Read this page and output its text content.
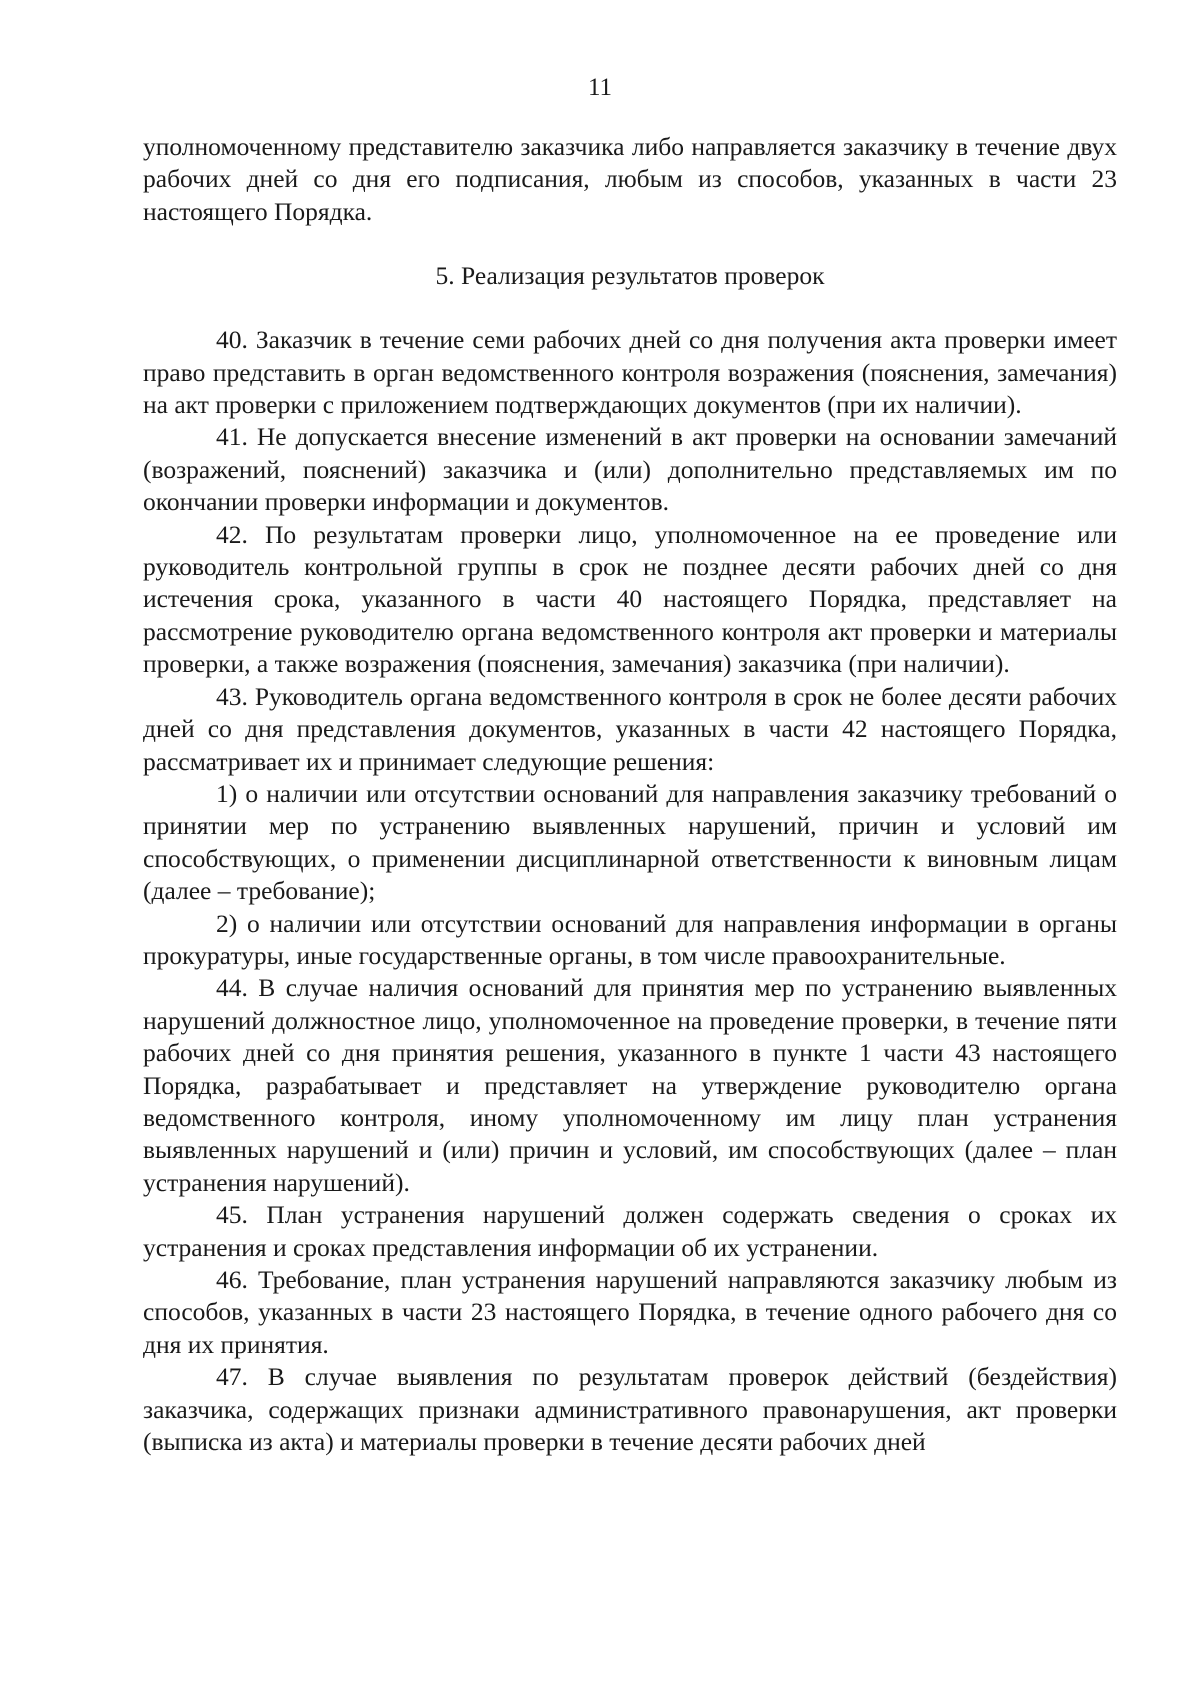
11

уполномоченному представителю заказчика либо направляется заказчику в течение двух рабочих дней со дня его подписания, любым из способов, указанных в части 23 настоящего Порядка.

5. Реализация результатов проверок

40. Заказчик в течение семи рабочих дней со дня получения акта проверки имеет право представить в орган ведомственного контроля возражения (пояснения, замечания) на акт проверки с приложением подтверждающих документов (при их наличии).

41. Не допускается внесение изменений в акт проверки на основании замечаний (возражений, пояснений) заказчика и (или) дополнительно представляемых им по окончании проверки информации и документов.

42. По результатам проверки лицо, уполномоченное на ее проведение или руководитель контрольной группы в срок не позднее десяти рабочих дней со дня истечения срока, указанного в части 40 настоящего Порядка, представляет на рассмотрение руководителю органа ведомственного контроля акт проверки и материалы проверки, а также возражения (пояснения, замечания) заказчика (при наличии).

43. Руководитель органа ведомственного контроля в срок не более десяти рабочих дней со дня представления документов, указанных в части 42 настоящего Порядка, рассматривает их и принимает следующие решения:

1) о наличии или отсутствии оснований для направления заказчику требований о принятии мер по устранению выявленных нарушений, причин и условий им способствующих, о применении дисциплинарной ответственности к виновным лицам (далее – требование);

2) о наличии или отсутствии оснований для направления информации в органы прокуратуры, иные государственные органы, в том числе правоохранительные.

44. В случае наличия оснований для принятия мер по устранению выявленных нарушений должностное лицо, уполномоченное на проведение проверки, в течение пяти рабочих дней со дня принятия решения, указанного в пункте 1 части 43 настоящего Порядка, разрабатывает и представляет на утверждение руководителю органа ведомственного контроля, иному уполномоченному им лицу план устранения выявленных нарушений и (или) причин и условий, им способствующих (далее – план устранения нарушений).

45. План устранения нарушений должен содержать сведения о сроках их устранения и сроках представления информации об их устранении.

46. Требование, план устранения нарушений направляются заказчику любым из способов, указанных в части 23 настоящего Порядка, в течение одного рабочего дня со дня их принятия.

47. В случае выявления по результатам проверок действий (бездействия) заказчика, содержащих признаки административного правонарушения, акт проверки (выписка из акта) и материалы проверки в течение десяти рабочих дней
